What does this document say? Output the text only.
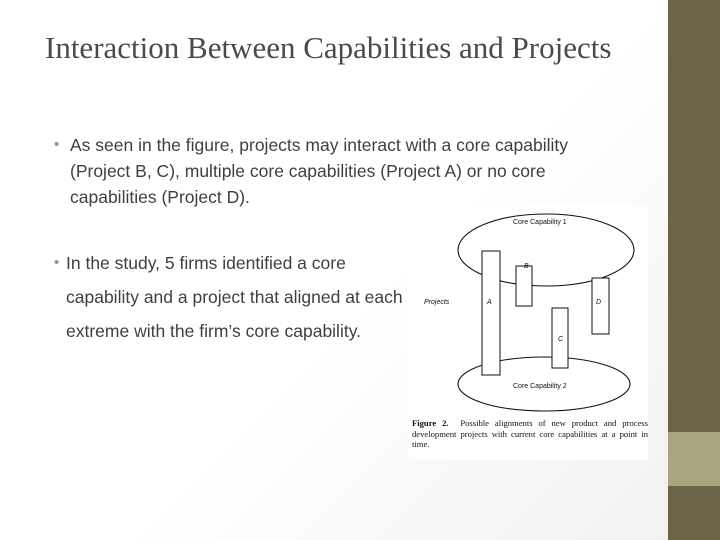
Interaction Between Capabilities and Projects
• As seen in the figure, projects may interact with a core capability (Project B, C), multiple core capabilities (Project A) or no core capabilities (Project D).
• In the study, 5 firms identified a core capability and a project that aligned at each extreme with the firm’s core capability.
Core Capability 1
Core Capability 2
Projects	A
B
C
D
Figure 2. Possible alignments of new product and process development projects with current core capabilities at a point in time.
